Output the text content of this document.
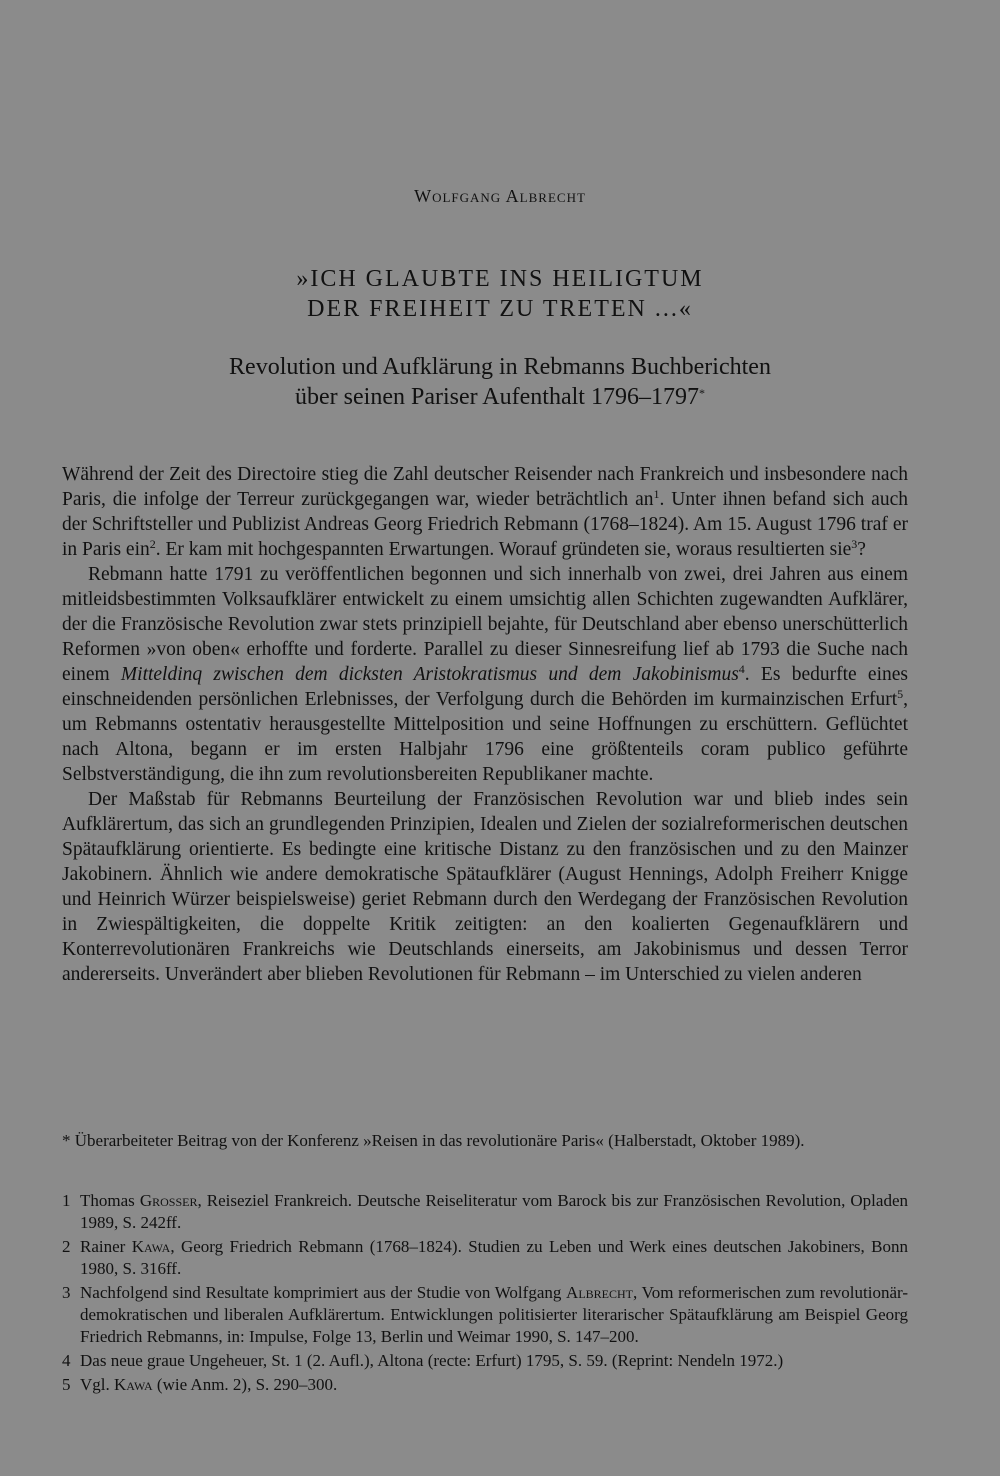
Wolfgang Albrecht
»ICH GLAUBTE INS HEILIGTUM
DER FREIHEIT ZU TRETEN ...«
Revolution und Aufklärung in Rebmanns Buchberichten
über seinen Pariser Aufenthalt 1796–1797*

Während der Zeit des Directoire stieg die Zahl deutscher Reisender nach Frankreich und insbesondere nach Paris, die infolge der Terreur zurückgegangen war, wieder beträchtlich $an^1$. Unter ihnen befand sich auch der Schriftsteller und Publizist Andreas Georg Friedrich Rebmann (1768–1824). Am 15. August 1796 traf er in Paris ein$^2$. Er kam mit hochgespannten Erwartungen. Worauf gründeten sie, woraus resultierten sie$^3$?

Rebmann hatte 1791 zu veröffentlichen begonnen und sich innerhalb von zwei, drei Jahren aus einem mitleidsbestimmten Volksaufklärer entwickelt zu einem umsichtig allen Schichten zugewandten Aufklärer, der die Französische Revolution zwar stets prinzipiell bejahte, für Deutschland aber ebenso unerschütterlich Reformen »von oben« erhoffte und forderte. Parallel zu dieser Sinnesreifung lief ab 1793 die Suche nach einem Mitteldinq zwischen dem dicksten Aristokratismus und dem Jakobinismus$^4$. Es bedurfte eines einschneidenden persönlichen Erlebnisses, der Verfolgung durch die Behörden im kurmainzischen Erfurt$^5$, um Rebmanns ostentativ herausgestellte Mittelposition und seine Hoffnungen zu erschüttern. Geflüchtet nach Altona, begann er im ersten Halbjahr 1796 eine größtenteils coram publico geführte Selbstverständigung, die ihn zum revolutionsbereiten Republikaner machte.

Der Maßstab für Rebmanns Beurteilung der Französischen Revolution war und blieb indes sein Aufklärertum, das sich an grundlegenden Prinzipien, Idealen und Zielen der sozialreformerischen deutschen Spätaufklärung orientierte. Es bedingte eine kritische Distanz zu den französischen und zu den Mainzer Jakobinern. Ähnlich wie andere demokratische Spätaufklärer (August Hennings, Adolph Freiherr Knigge und Heinrich Würzer beispielsweise) geriet Rebmann durch den Werdegang der Französischen Revolution in Zwiespältigkeiten, die doppelte Kritik zeitigten: an den koalierten Gegenaufklärern und Konterrevolutionären Frankreichs wie Deutschlands einerseits, am Jakobinismus und dessen Terror andererseits. Unverändert aber blieben Revolutionen für Rebmann – im Unterschied zu vielen anderen

* Überarbeiteter Beitrag von der Konferenz »Reisen in das revolutionäre Paris« (Halberstadt, Oktober 1989).
1 Thomas Grosser, Reiseziel Frankreich. Deutsche Reiseliteratur vom Barock bis zur Französischen Revolution, Opladen 1989, S. 242ff.
2 Rainer Kawa, Georg Friedrich Rebmann (1768–1824). Studien zu Leben und Werk eines deutschen Jakobiners, Bonn 1980, S. 316ff.
3 Nachfolgend sind Resultate komprimiert aus der Studie von Wolfgang Albrecht, Vom reformerischen zum revolutionär-demokratischen und liberalen Aufklärertum. Entwicklungen politisierter literarischer Spätaufklärung am Beispiel Georg Friedrich Rebmanns, in: Impulse, Folge 13, Berlin und Weimar 1990, S. 147–200.
4 Das neue graue Ungeheuer, St. 1 (2. Aufl.), Altona (recte: Erfurt) 1795, S. 59. (Reprint: Nendeln 1972.)
5 Vgl. Kawa (wie Anm. 2), S. 290–300.
